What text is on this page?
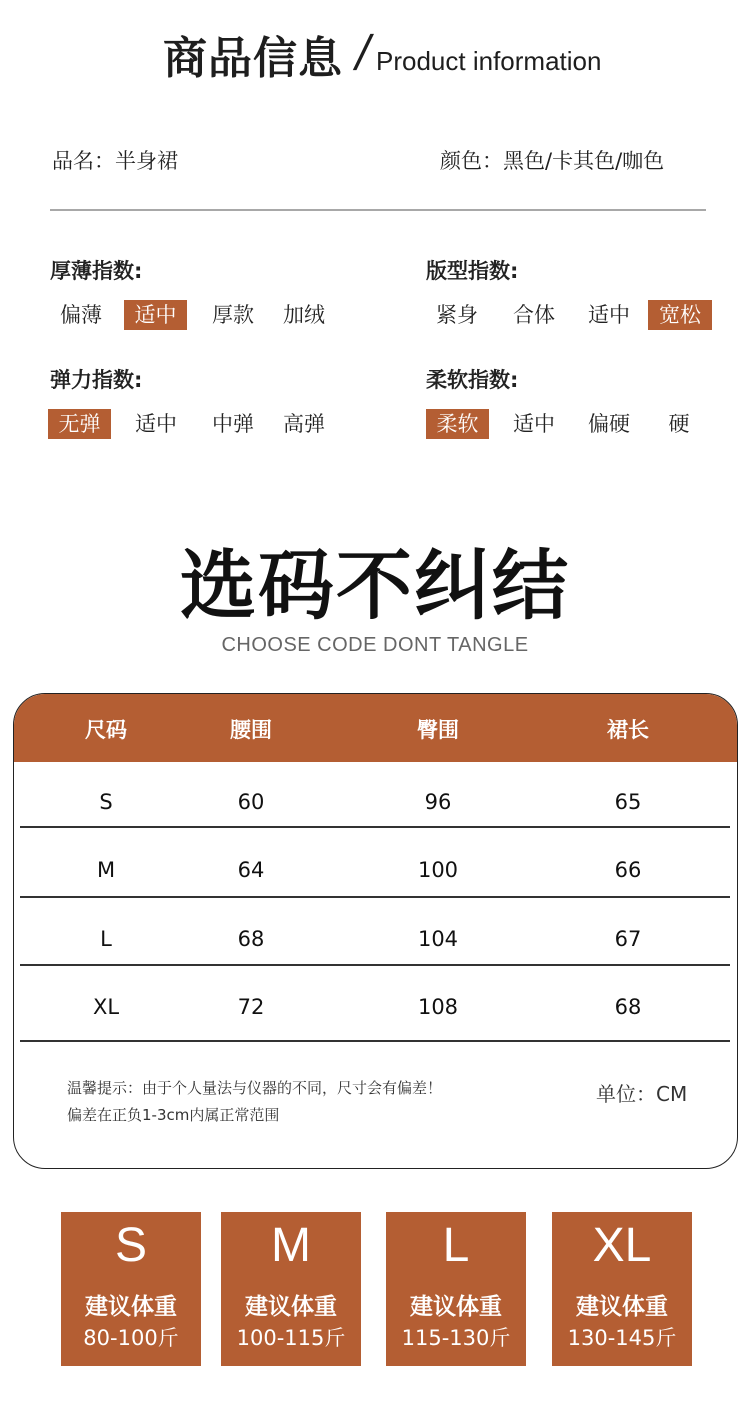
商品信息 / Product information
品名：半身裙	颜色：黑色/卡其色/咖色
厚薄指数:
偏薄	适中	厚款	加绒
版型指数:
紧身	合体	适中	宽松
弹力指数:
无弹	适中	中弹	高弹
柔软指数:
柔软	适中	偏硬	硬
选码不纠结
CHOOSE CODE DONT TANGLE
尺码	腰围	臀围	裙长
S	60	96	65
M	64	100	66
L	68	104	67
XL	72	108	68
温馨提示：由于个人量法与仪器的不同，尺寸会有偏差！
偏差在正负1-3cm内属正常范围
单位：CM
S
建议体重
80-100斤
M
建议体重
100-115斤
L
建议体重
115-130斤
XL
建议体重
130-145斤
